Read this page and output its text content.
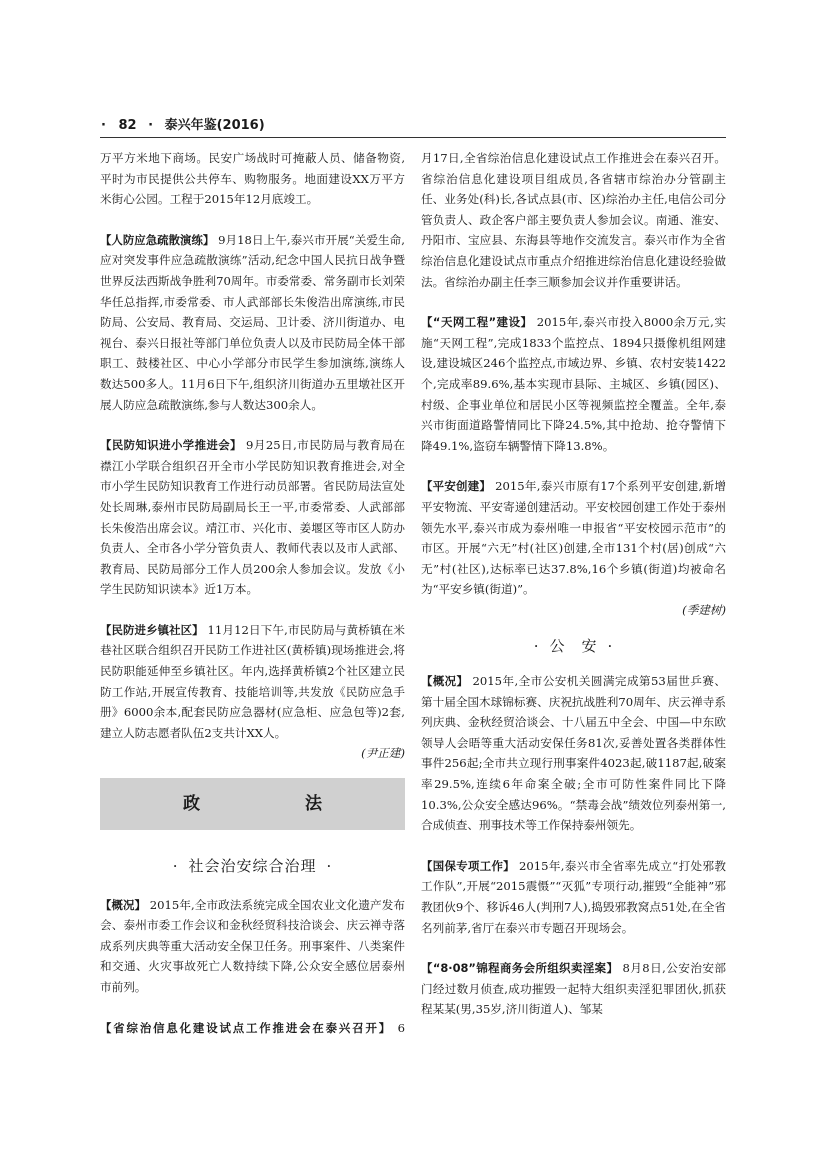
· 82 · 泰兴年鉴(2016)

万平方米地下商场。民安广场战时可掩蔽人员、储备物资,平时为市民提供公共停车、购物服务。地面建设XX万平方米街心公园。工程于2015年12月底竣工。

【人防应急疏散演练】 9月18日上午,泰兴市开展“关爱生命,应对突发事件应急疏散演练”活动,纪念中国人民抗日战争暨世界反法西斯战争胜利70周年。市委常委、常务副市长刘荣华任总指挥,市委常委、市人武部部长朱俊浩出席演练,市民防局、公安局、教育局、交运局、卫计委、济川街道办、电视台、泰兴日报社等部门单位负责人以及市民防局全体干部职工、鼓楼社区、中心小学部分市民学生参加演练,演练人数达500多人。11月6日下午,组织济川街道办五里墩社区开展人防应急疏散演练,参与人数达300余人。
【民防知识进小学推进会】 9月25日,市民防局与教育局在襟江小学联合组织召开全市小学民防知识教育推进会,对全市小学生民防知识教育工作进行动员部署。省民防局法宣处处长周琳,泰州市民防局副局长王一平,市委常委、人武部部长朱俊浩出席会议。靖江市、兴化市、姜堰区等市区人防办负责人、全市各小学分管负责人、教师代表以及市人武部、教育局、民防局部分工作人员200余人参加会议。发放《小学生民防知识读本》近1万本。
【民防进乡镇社区】 11月12日下午,市民防局与黄桥镇在米巷社区联合组织召开民防工作进社区(黄桥镇)现场推进会,将民防职能延伸至乡镇社区。年内,选择黄桥镇2个社区建立民防工作站,开展宣传教育、技能培训等,共发放《民防应急手册》6000余本,配套民防应急器材(应急柜、应急包等)2套,建立人防志愿者队伍2支共计XX人。
(尹正建)
政　法
· 社会治安综合治理 ·
【概况】 2015年,全市政法系统完成全国农业文化遗产发布会、泰州市委工作会议和金秋经贸科技洽谈会、庆云禅寺落成系列庆典等重大活动安全保卫任务。刑事案件、八类案件和交通、火灾事故死亡人数持续下降,公众安全感位居泰州市前列。
【省综治信息化建设试点工作推进会在泰兴召开】 6

月17日,全省综治信息化建设试点工作推进会在泰兴召开。省综治信息化建设项目组成员,各省辖市综治办分管副主任、业务处(科)长,各试点县(市、区)综治办主任,电信公司分管负责人、政企客户部主要负责人参加会议。南通、淮安、丹阳市、宝应县、东海县等地作交流发言。泰兴市作为全省综治信息化建设试点市重点介绍推进综治信息化建设经验做法。省综治办副主任李三顺参加会议并作重要讲话。

【“天网工程”建设】 2015年,泰兴市投入8000余万元,实施“天网工程”,完成1833个监控点、1894只摄像机组网建设,建设城区246个监控点,市域边界、乡镇、农村安装1422个,完成率89.6%,基本实现市县际、主城区、乡镇(园区)、村级、企事业单位和居民小区等视频监控全覆盖。全年,泰兴市街面道路警情同比下降24.5%,其中抢劫、抢夺警情下降49.1%,盗窃车辆警情下降13.8%。
【平安创建】 2015年,泰兴市原有17个系列平安创建,新增平安物流、平安寄递创建活动。平安校园创建工作处于泰州领先水平,泰兴市成为泰州唯一申报省“平安校园示范市”的市区。开展“六无”村(社区)创建,全市131个村(居)创成“六无”村(社区),达标率已达37.8%,16个乡镇(街道)均被命名为“平安乡镇(街道)”。
(季建树)
· 公　安 ·
【概况】 2015年,全市公安机关圆满完成第53届世乒赛、第十届全国木球锦标赛、庆祝抗战胜利70周年、庆云禅寺系列庆典、金秋经贸洽谈会、十八届五中全会、中国—中东欧领导人会晤等重大活动安保任务81次,妥善处置各类群体性事件256起;全市共立现行刑事案件4023起,破1187起,破案率29.5%,连续6年命案全破;全市可防性案件同比下降10.3%,公众安全感达96%。“禁毒会战”绩效位列泰州第一,合成侦查、刑事技术等工作保持泰州领先。
【国保专项工作】 2015年,泰兴市全省率先成立“打处邪教工作队”,开展“2015震慑”“灭狐”专项行动,摧毁“全能神”邪教团伙9个、移诉46人(判刑7人),捣毁邪教窝点51处,在全省名列前茅,省厅在泰兴市专题召开现场会。
【“8·08”锦程商务会所组织卖淫案】 8月8日,公安治安部门经过数月侦查,成功摧毁一起特大组织卖淫犯罪团伙,抓获程某某(男,35岁,济川街道人)、邹某
